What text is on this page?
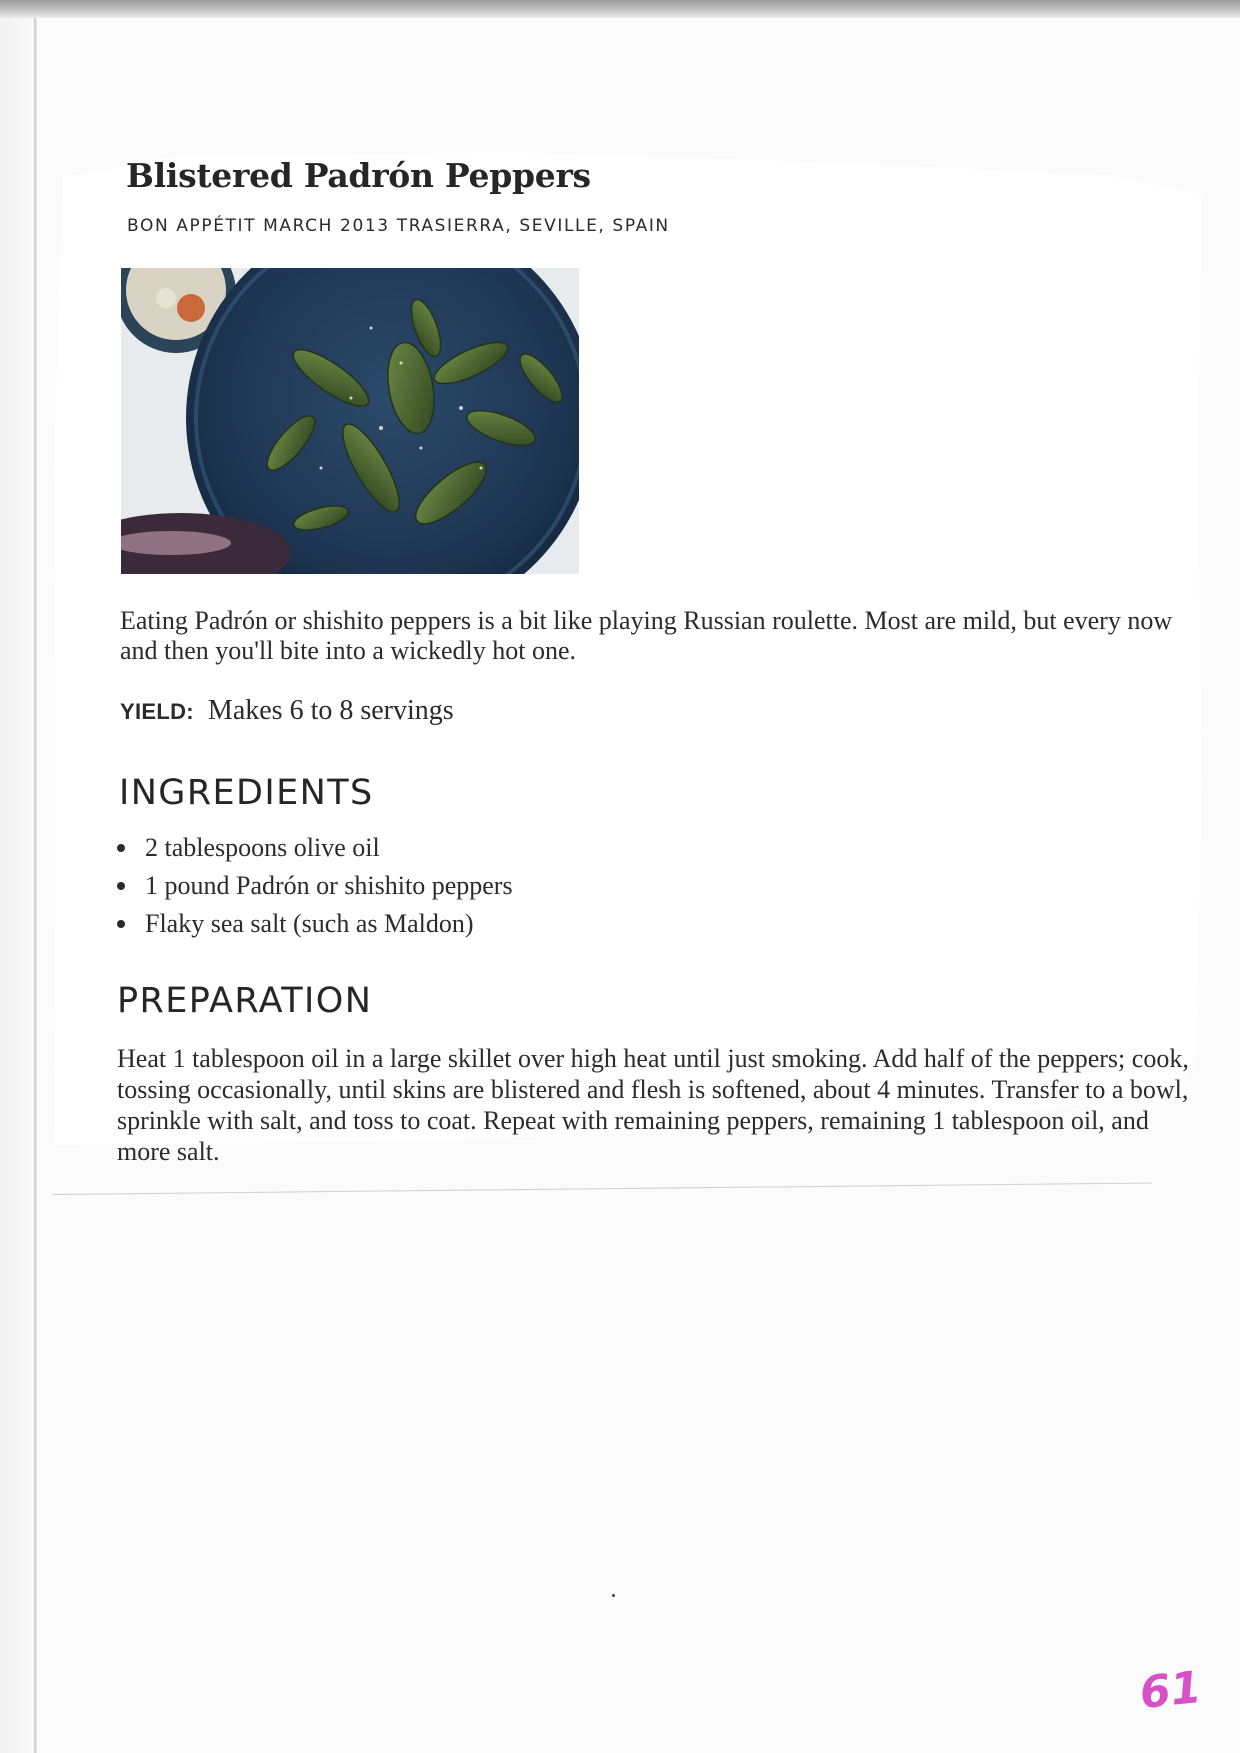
Blistered Padrón Peppers

BON APPÉTIT MARCH 2013 TRASIERRA, SEVILLE, SPAIN

Eating Padrón or shishito peppers is a bit like playing Russian roulette. Most are mild, but every now and then you'll bite into a wickedly hot one.

YIELD: Makes 6 to 8 servings

INGREDIENTS
2 tablespoons olive oil
1 pound Padrón or shishito peppers
Flaky sea salt (such as Maldon)
PREPARATION

Heat 1 tablespoon oil in a large skillet over high heat until just smoking. Add half of the peppers; cook, tossing occasionally, until skins are blistered and flesh is softened, about 4 minutes. Transfer to a bowl, sprinkle with salt, and toss to coat. Repeat with remaining peppers, remaining 1 tablespoon oil, and more salt.

61
